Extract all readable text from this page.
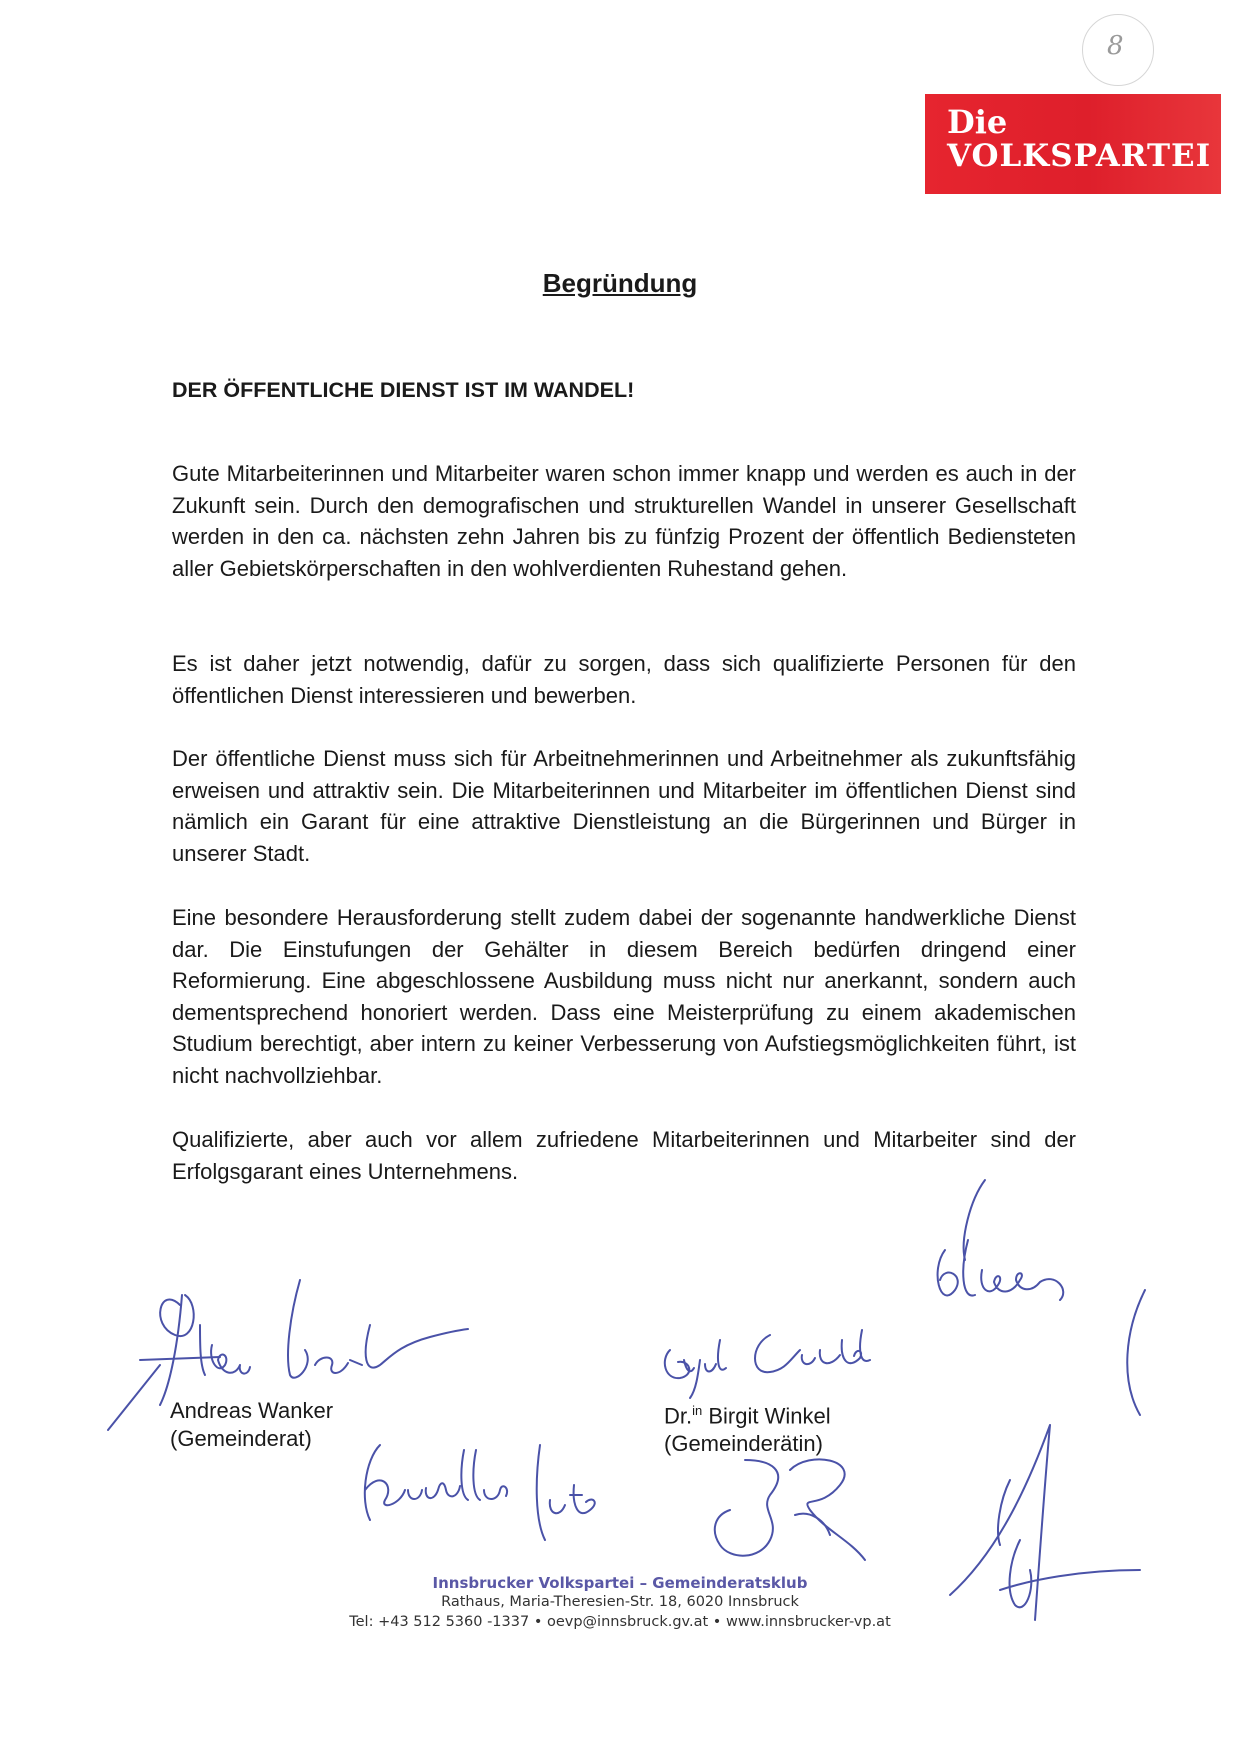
8
Die
VOLKSPARTEI
Begründung
DER ÖFFENTLICHE DIENST IST IM WANDEL!

Gute Mitarbeiterinnen und Mitarbeiter waren schon immer knapp und werden es auch in der Zukunft sein. Durch den demografischen und strukturellen Wandel in unserer Gesellschaft werden in den ca. nächsten zehn Jahren bis zu fünfzig Prozent der öffentlich Bediensteten aller Gebietskörperschaften in den wohlverdienten Ruhestand gehen.

Es ist daher jetzt notwendig, dafür zu sorgen, dass sich qualifizierte Personen für den öffentlichen Dienst interessieren und bewerben.

Der öffentliche Dienst muss sich für Arbeitnehmerinnen und Arbeitnehmer als zukunftsfähig erweisen und attraktiv sein. Die Mitarbeiterinnen und Mitarbeiter im öffentlichen Dienst sind nämlich ein Garant für eine attraktive Dienstleistung an die Bürgerinnen und Bürger in unserer Stadt.

Eine besondere Herausforderung stellt zudem dabei der sogenannte handwerkliche Dienst dar. Die Einstufungen der Gehälter in diesem Bereich bedürfen dringend einer Reformierung. Eine abgeschlossene Ausbildung muss nicht nur anerkannt, sondern auch dementsprechend honoriert werden. Dass eine Meisterprüfung zu einem akademischen Studium berechtigt, aber intern zu keiner Verbesserung von Aufstiegsmöglichkeiten führt, ist nicht nachvollziehbar.

Qualifizierte, aber auch vor allem zufriedene Mitarbeiterinnen und Mitarbeiter sind der Erfolgsgarant eines Unternehmens.

Andreas Wanker
(Gemeinderat)
Dr.$^{in}$ Birgit Winkel
(Gemeinderätin)
Innsbrucker Volkspartei – Gemeinderatsklub
Rathaus, Maria-Theresien-Str. 18, 6020 Innsbruck
Tel: +43 512 5360 -1337 • oevp@innsbruck.gv.at • www.innsbrucker-vp.at
